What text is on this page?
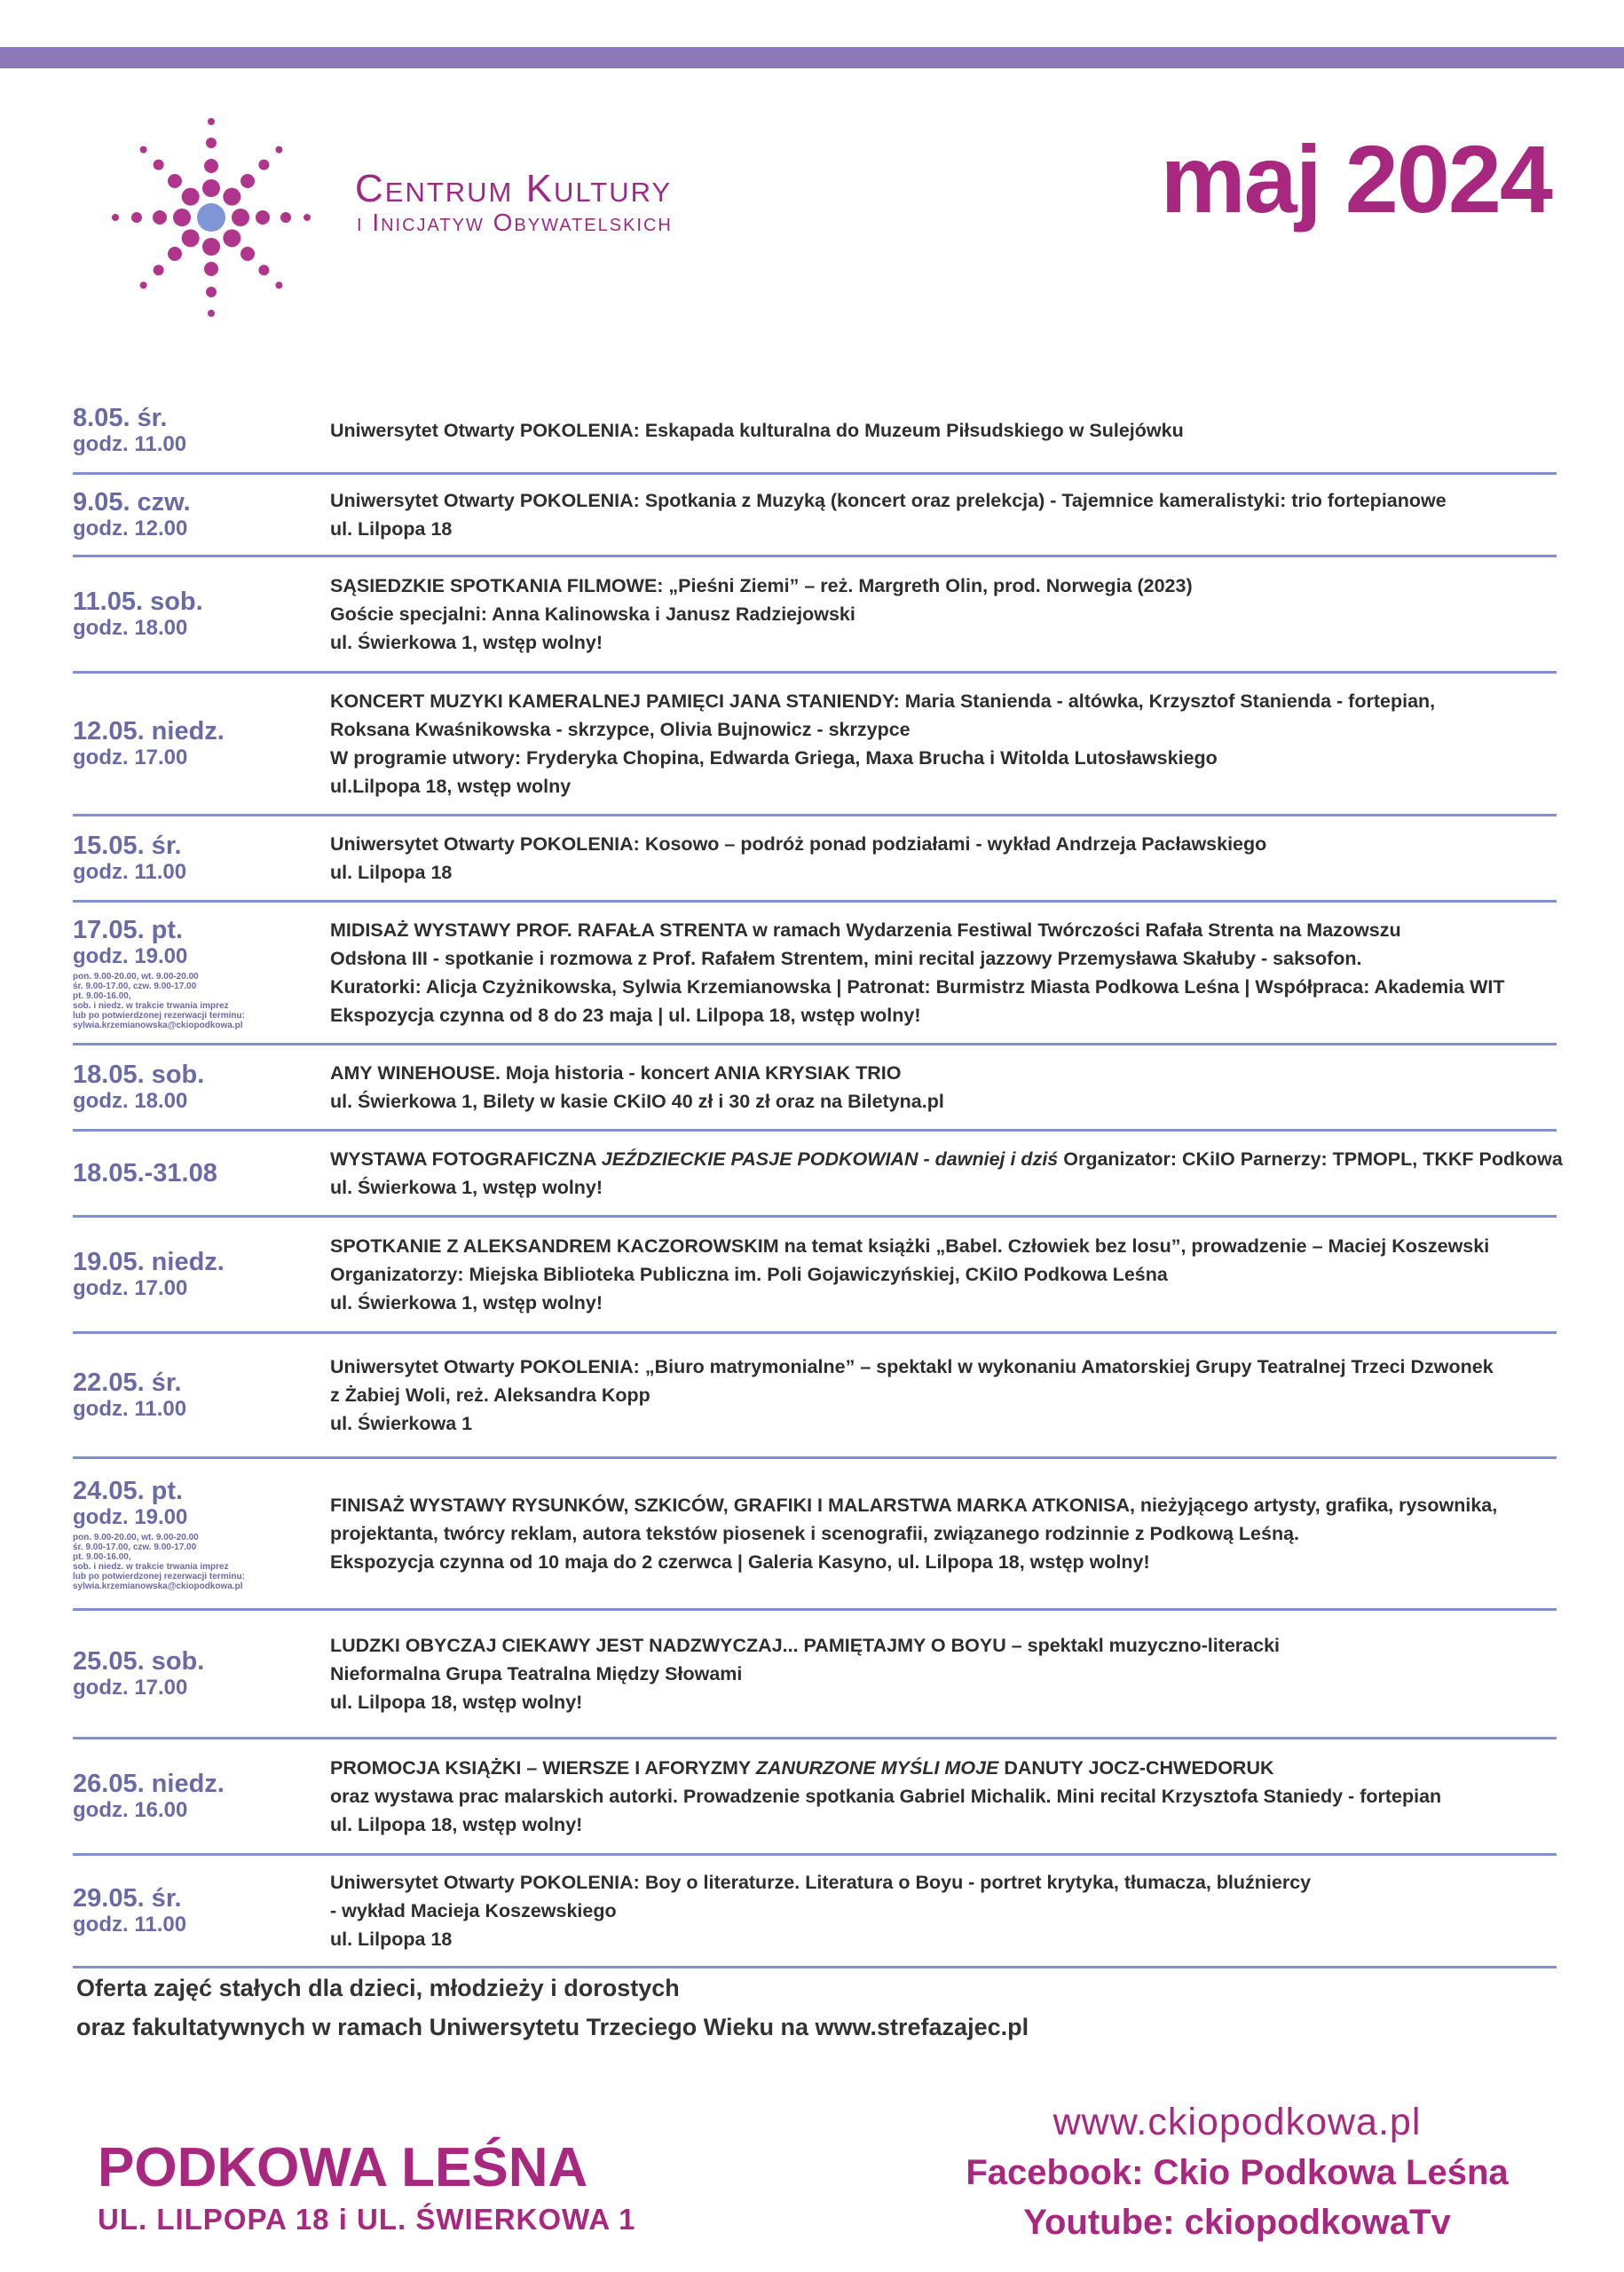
Centrum Kultury
i Inicjatyw Obywatelskich	maj 2024
8.05. śr.
godz. 11.00
Uniwersytet Otwarty POKOLENIA: Eskapada kulturalna do Muzeum Piłsudskiego w Sulejówku
9.05. czw.
godz. 12.00
Uniwersytet Otwarty POKOLENIA: Spotkania z Muzyką (koncert oraz prelekcja) - Tajemnice kameralistyki: trio fortepianowe
ul. Lilpopa 18
11.05. sob.
godz. 18.00
SĄSIEDZKIE SPOTKANIA FILMOWE: „Pieśni Ziemi” – reż. Margreth Olin, prod. Norwegia (2023)
Goście specjalni: Anna Kalinowska i Janusz Radziejowski
ul. Świerkowa 1, wstęp wolny!
12.05. niedz.
godz. 17.00
KONCERT MUZYKI KAMERALNEJ PAMIĘCI JANA STANIENDY: Maria Stanienda - altówka, Krzysztof Stanienda - fortepian,
Roksana Kwaśnikowska - skrzypce, Olivia Bujnowicz - skrzypce
W programie utwory: Fryderyka Chopina, Edwarda Griega, Maxa Brucha i Witolda Lutosławskiego
ul.Lilpopa 18, wstęp wolny
15.05. śr.
godz. 11.00
Uniwersytet Otwarty POKOLENIA: Kosowo – podróż ponad podziałami - wykład Andrzeja Pacławskiego
ul. Lilpopa 18
17.05. pt.
godz. 19.00
pon. 9.00-20.00, wt. 9.00-20.00
śr. 9.00-17.00, czw. 9.00-17.00
pt. 9.00-16.00,
sob. i niedz. w trakcie trwania imprez
lub po potwierdzonej rezerwacji terminu:
sylwia.krzemianowska@ckiopodkowa.pl
MIDISAŻ WYSTAWY PROF. RAFAŁA STRENTA w ramach Wydarzenia Festiwal Twórczości Rafała Strenta na Mazowszu
Odsłona III - spotkanie i rozmowa z Prof. Rafałem Strentem, mini recital jazzowy Przemysława Skałuby - saksofon.
Kuratorki: Alicja Czyżnikowska, Sylwia Krzemianowska | Patronat: Burmistrz Miasta Podkowa Leśna | Współpraca: Akademia WIT
Ekspozycja czynna od 8 do 23 maja | ul. Lilpopa 18, wstęp wolny!
18.05. sob.
godz. 18.00
AMY WINEHOUSE. Moja historia - koncert ANIA KRYSIAK TRIO
ul. Świerkowa 1, Bilety w kasie CKiIO 40 zł i 30 zł oraz na Biletyna.pl
18.05.-31.08	WYSTAWA FOTOGRAFICZNA JEŹDZIECKIE PASJE PODKOWIAN - dawniej i dziś Organizator: CKiIO Parnerzy: TPMOPL, TKKF Podkowa
ul. Świerkowa 1, wstęp wolny!
19.05. niedz.
godz. 17.00
SPOTKANIE Z ALEKSANDREM KACZOROWSKIM na temat książki „Babel. Człowiek bez losu”, prowadzenie – Maciej Koszewski
Organizatorzy: Miejska Biblioteka Publiczna im. Poli Gojawiczyńskiej, CKiIO Podkowa Leśna
ul. Świerkowa 1, wstęp wolny!
22.05. śr.
godz. 11.00
Uniwersytet Otwarty POKOLENIA: „Biuro matrymonialne” – spektakl w wykonaniu Amatorskiej Grupy Teatralnej Trzeci Dzwonek
z Żabiej Woli, reż. Aleksandra Kopp
ul. Świerkowa 1
24.05. pt.
godz. 19.00
pon. 9.00-20.00, wt. 9.00-20.00
śr. 9.00-17.00, czw. 9.00-17.00
pt. 9.00-16.00,
sob. i niedz. w trakcie trwania imprez
lub po potwierdzonej rezerwacji terminu:
sylwia.krzemianowska@ckiopodkowa.pl
FINISAŻ WYSTAWY RYSUNKÓW, SZKICÓW, GRAFIKI I MALARSTWA MARKA ATKONISA, nieżyjącego artysty, grafika, rysownika,
projektanta, twórcy reklam, autora tekstów piosenek i scenografii, związanego rodzinnie z Podkową Leśną.
Ekspozycja czynna od 10 maja do 2 czerwca | Galeria Kasyno, ul. Lilpopa 18, wstęp wolny!
25.05. sob.
godz. 17.00
LUDZKI OBYCZAJ CIEKAWY JEST NADZWYCZAJ... PAMIĘTAJMY O BOYU – spektakl muzyczno-literacki
Nieformalna Grupa Teatralna Między Słowami
ul. Lilpopa 18, wstęp wolny!
26.05. niedz.
godz. 16.00
PROMOCJA KSIĄŻKI – WIERSZE I AFORYZMY ZANURZONE MYŚLI MOJE DANUTY JOCZ-CHWEDORUK
oraz wystawa prac malarskich autorki. Prowadzenie spotkania Gabriel Michalik. Mini recital Krzysztofa Staniedy - fortepian
ul. Lilpopa 18, wstęp wolny!
29.05. śr.
godz. 11.00
Uniwersytet Otwarty POKOLENIA: Boy o literaturze. Literatura o Boyu - portret krytyka, tłumacza, bluźniercy
- wykład Macieja Koszewskiego
ul. Lilpopa 18
Oferta zajęć stałych dla dzieci, młodzieży i dorostych
oraz fakultatywnych w ramach Uniwersytetu Trzeciego Wieku na www.strefazajec.pl
PODKOWA LEŚNA
UL. LILPOPA 18 i UL. ŚWIERKOWA 1
www.ckiopodkowa.pl
Facebook: Ckio Podkowa Leśna
Youtube: ckiopodkowaTv
